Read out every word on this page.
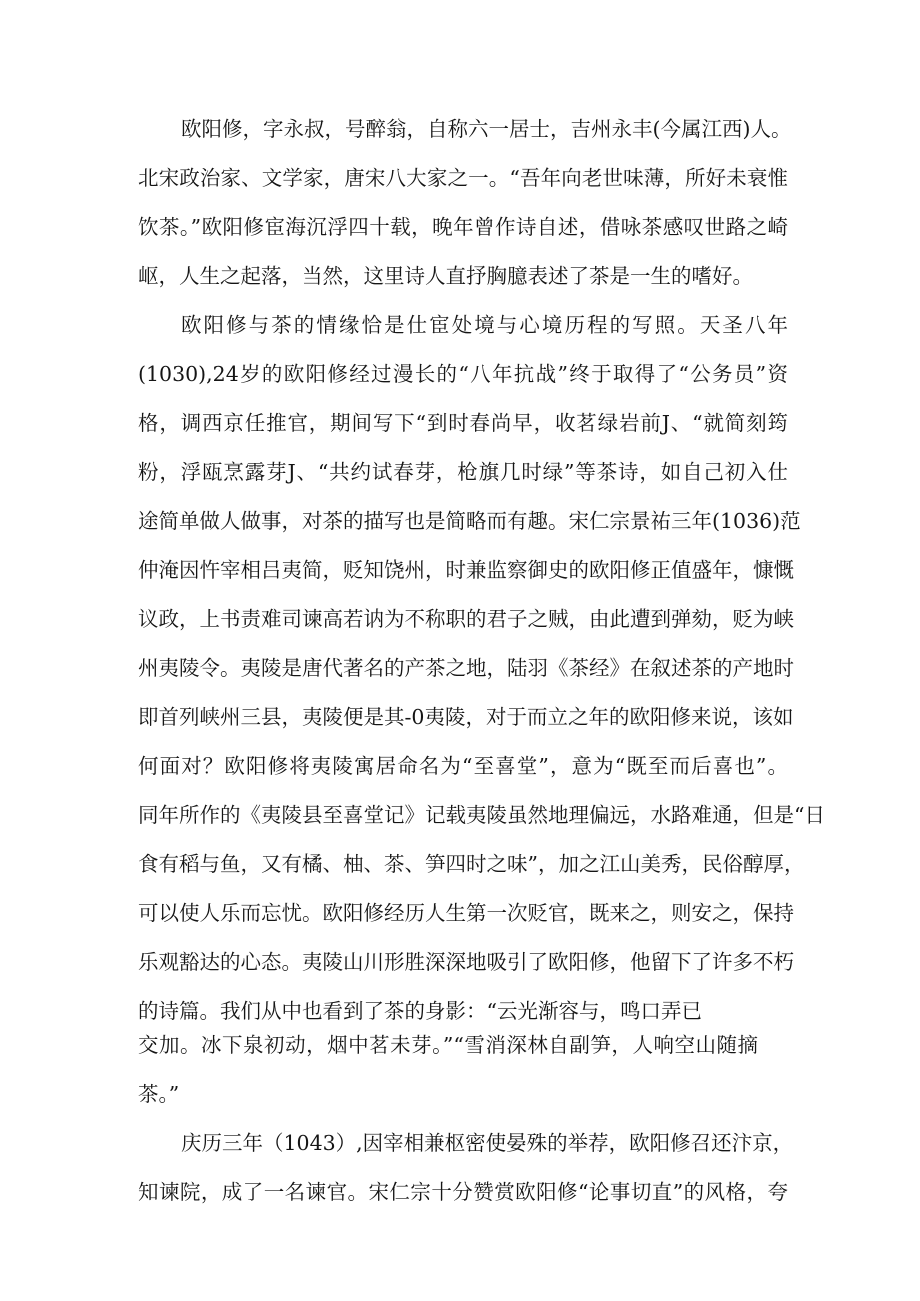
欧阳修，字永叔，号醉翁，自称六一居士，吉州永丰(今属江西)人。
北宋政治家、文学家，唐宋八大家之一。“吾年向老世味薄，所好未衰惟
饮茶。”欧阳修宦海沉浮四十载，晚年曾作诗自述，借咏茶感叹世路之崎
岖，人生之起落，当然，这里诗人直抒胸臆表述了茶是一生的嗜好。
欧阳修与茶的情缘恰是仕宦处境与心境历程的写照。天圣八年
(1030),24岁的欧阳修经过漫长的“八年抗战”终于取得了“公务员”资
格，调西京任推官，期间写下“到时春尚早，收茗绿岩前J、“就简刻筠
粉，浮瓯烹露芽J、“共约试春芽，枪旗几时绿”等茶诗，如自己初入仕
途简单做人做事，对茶的描写也是简略而有趣。宋仁宗景祐三年(1036)范
仲淹因忤宰相吕夷简，贬知饶州，时兼监察御史的欧阳修正值盛年，慷慨
议政，上书责难司谏高若讷为不称职的君子之贼，由此遭到弹劾，贬为峡
州夷陵令。夷陵是唐代著名的产茶之地，陆羽《茶经》在叙述茶的产地时
即首列峡州三县，夷陵便是其-0夷陵，对于而立之年的欧阳修来说，该如
何面对？欧阳修将夷陵寓居命名为“至喜堂”，意为“既至而后喜也”。
同年所作的《夷陵县至喜堂记》记载夷陵虽然地理偏远，水路难通，但是“日
食有稻与鱼，又有橘、柚、茶、笋四时之味”，加之江山美秀，民俗醇厚，
可以使人乐而忘忧。欧阳修经历人生第一次贬官，既来之，则安之，保持
乐观豁达的心态。夷陵山川形胜深深地吸引了欧阳修，他留下了许多不朽
的诗篇。我们从中也看到了茶的身影：“云光渐容与，鸣口弄已
交加。冰下泉初动，烟中茗未芽。”“雪消深林自副笋，人响空山随摘
茶。”
庆历三年（1043）,因宰相兼枢密使晏殊的举荐，欧阳修召还汴京，
知谏院，成了一名谏官。宋仁宗十分赞赏欧阳修“论事切直”的风格，夸
